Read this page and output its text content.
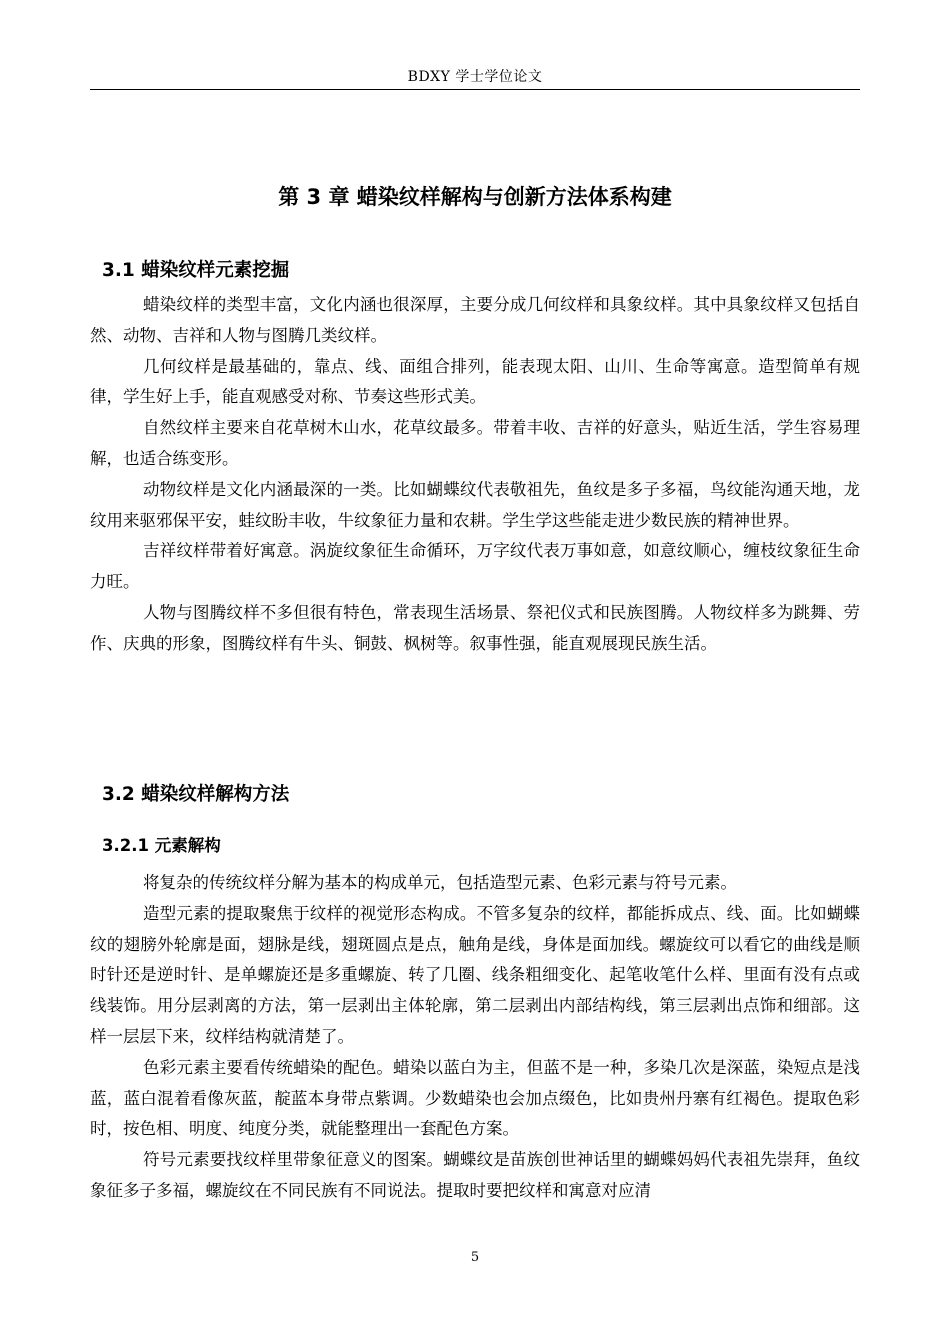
BDXY 学士学位论文
第 3 章 蜡染纹样解构与创新方法体系构建
3.1 蜡染纹样元素挖掘

蜡染纹样的类型丰富，文化内涵也很深厚，主要分成几何纹样和具象纹样。其中具象纹样又包括自然、动物、吉祥和人物与图腾几类纹样。

几何纹样是最基础的，靠点、线、面组合排列，能表现太阳、山川、生命等寓意。造型简单有规律，学生好上手，能直观感受对称、节奏这些形式美。

自然纹样主要来自花草树木山水，花草纹最多。带着丰收、吉祥的好意头，贴近生活，学生容易理解，也适合练变形。

动物纹样是文化内涵最深的一类。比如蝴蝶纹代表敬祖先，鱼纹是多子多福，鸟纹能沟通天地，龙纹用来驱邪保平安，蛙纹盼丰收，牛纹象征力量和农耕。学生学这些能走进少数民族的精神世界。

吉祥纹样带着好寓意。涡旋纹象征生命循环，万字纹代表万事如意，如意纹顺心，缠枝纹象征生命力旺。

人物与图腾纹样不多但很有特色，常表现生活场景、祭祀仪式和民族图腾。人物纹样多为跳舞、劳作、庆典的形象，图腾纹样有牛头、铜鼓、枫树等。叙事性强，能直观展现民族生活。

3.2 蜡染纹样解构方法
3.2.1 元素解构

将复杂的传统纹样分解为基本的构成单元，包括造型元素、色彩元素与符号元素。

造型元素的提取聚焦于纹样的视觉形态构成。不管多复杂的纹样，都能拆成点、线、面。比如蝴蝶纹的翅膀外轮廓是面，翅脉是线，翅斑圆点是点，触角是线，身体是面加线。螺旋纹可以看它的曲线是顺时针还是逆时针、是单螺旋还是多重螺旋、转了几圈、线条粗细变化、起笔收笔什么样、里面有没有点或线装饰。用分层剥离的方法，第一层剥出主体轮廓，第二层剥出内部结构线，第三层剥出点饰和细部。这样一层层下来，纹样结构就清楚了。

色彩元素主要看传统蜡染的配色。蜡染以蓝白为主，但蓝不是一种，多染几次是深蓝，染短点是浅蓝，蓝白混着看像灰蓝，靛蓝本身带点紫调。少数蜡染也会加点缀色，比如贵州丹寨有红褐色。提取色彩时，按色相、明度、纯度分类，就能整理出一套配色方案。

符号元素要找纹样里带象征意义的图案。蝴蝶纹是苗族创世神话里的蝴蝶妈妈代表祖先崇拜，鱼纹象征多子多福，螺旋纹在不同民族有不同说法。提取时要把纹样和寓意对应清

5
